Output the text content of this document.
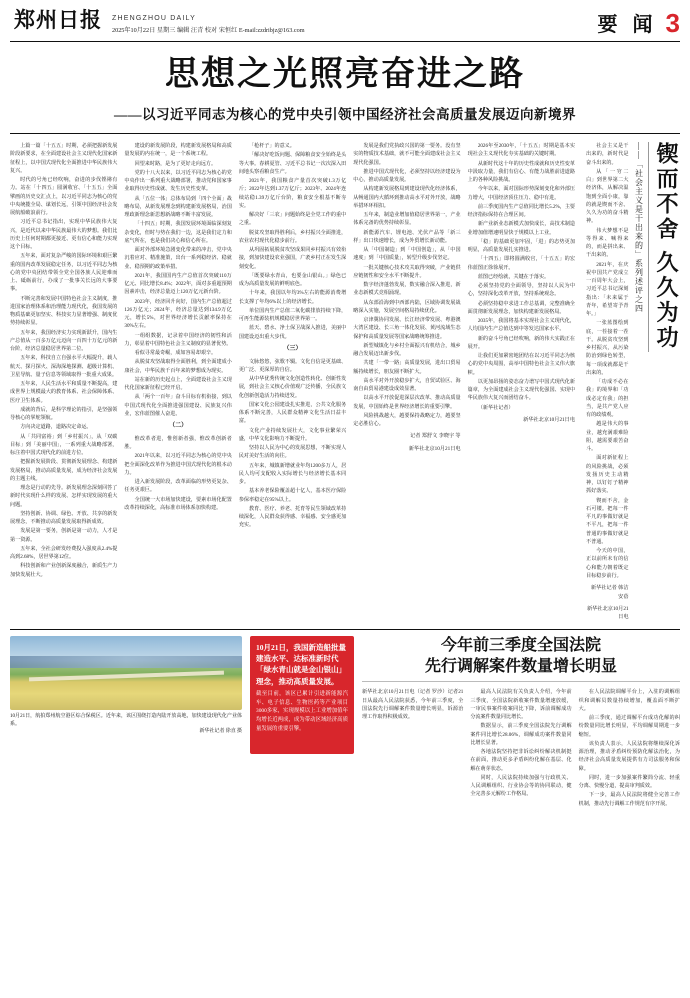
郑州日报	ZHENGZHOU DAILY
2025年10月22日 星期三 编辑 汪青 校对 宋恒红 E-mail:zzdribjz@163.com	要 闻 3
思想之光照亮奋进之路
——以习近平同志为核心的党中央引领中国经济社会高质量发展迈向新境界

上篇一篇「十五五」时期，必须把握新发展阶段新要求，在全面建设社会主义现代化国家新征程上，以中国式现代化全面推进中华民族伟大复兴。

时代的号角已经吹响，奋进的步伐铿锵有力。站在「十四五」圆满收官、「十五五」全面擘画的历史交汇点上，以习近平同志为核心的党中央统揽全局、谋划长远，引领中国经济社会发展航船破浪前行。

习近平总书记指出，实现中华民族伟大复兴，是近代以来中华民族最伟大的梦想。我们比历史上任何时期都更接近、更有信心和能力实现这个目标。

五年来，面对复杂严峻的国际环境和艰巨繁重的国内改革发展稳定任务，以习近平同志为核心的党中央团结带领全党全国各族人民迎难而上、砥砺前行，办成了一批事关长远的大事要事。

不断完善和发展中国特色社会主义制度，推进国家治理体系和治理能力现代化，我国发展的物质基础更加坚实、科技实力显著增强、制度优势持续彰显。

五年来，我国经济实力实现新跃升，国内生产总值从一百多万亿元迈向一百四十万亿元的新台阶，经济总量稳居世界第二位。

五年来，科技自立自强水平大幅提升，载人航天、探月探火、深海深地探测、超级计算机、卫星导航、量子信息等领域取得一批重大成果。

五年来，人民生活水平和质量不断提高，建成世界上规模最大的教育体系、社会保障体系、医疗卫生体系。

成就的背后，是科学理论的指引，是坚强领导核心的掌舵领航。

方向决定道路，道路决定命运。

从「共同富裕」到「乡村振兴」，从「双碳目标」到「美丽中国」，一系列重大战略部署，标注着中国式现代化的前进方位。

把握新发展阶段、贯彻新发展理念、构建新发展格局，推动高质量发展，成为经济社会发展的主题主线。

理念是行动的先导。新发展理念深刻回答了新时代实现什么样的发展、怎样实现发展的重大问题。

坚持创新、协调、绿色、开放、共享的新发展理念，不断推动高质量发展取得新成效。

发展是第一要务，创新是第一动力，人才是第一资源。

五年来，全社会研发经费投入强度从2.4%提高到2.68%，居世界第12位。

科技创新和产业创新深度融合，新质生产力加快发展壮大。

建设的新发展阶段，构建新发展格局和高质量发展的内在统一，是一个系统工程。

回望来时路，是为了更好走向远方。

党的十八大以来，以习近平同志为核心的党中央作出一系列重大战略部署，推动党和国家事业取得历史性成就、发生历史性变革。

从「五位一体」总体布局到「四个全面」战略布局，从新发展理念到构建新发展格局，治国理政新理念新思想新战略不断丰富发展。

「十四五」时期，我国发展环境面临深刻复杂变化，但时与势在我们一边，这是我们定力和底气所在，也是我们决心和信心所在。

面对外部环境急剧变化带来的冲击，党中央沉着应对、精准施策，出台一系列稳经济、稳就业、稳预期的政策举措。

2021年，我国国内生产总值首次突破110万亿元、同比增长8.4%；2022年，面对多重超预期因素冲击，经济总量迈上120万亿元新台阶。

2023年，经济回升向好，国内生产总值超过126万亿元；2024年，经济总量达到134.9万亿元，增长5%，对世界经济增长贡献率保持在30%左右。

一组组数据，记录着中国经济的韧性和活力，彰显着中国特色社会主义制度的显著优势。

看似寻常最奇崛，成如容易却艰辛。

从脱贫攻坚战取得全面胜利，到全面建成小康社会，中华民族千百年来的梦想成为现实。

站在新的历史起点上，全面建设社会主义现代化国家新征程已经开启。

从「两个一百年」奋斗目标有机衔接，到以中国式现代化全面推进强国建设、民族复兴伟业，宏伟蓝图催人奋进。

（二）

惟改革者进，惟创新者强，惟改革创新者胜。

2021年以来，以习近平同志为核心的党中央把全面深化改革作为推进中国式现代化的根本动力。

进入新发展阶段，改革面临的形势更复杂、任务更艰巨。

全国统一大市场加快建设，要素市场化配置改革持续深化，高标准市场体系加快构建。

「枪杆子」的意义。

「解决好吃饭问题、保障粮食安全始终是头等大事。春耕夏管、习近平总书记一次次深入田间地头察看粮食生产。

2021年，我国粮食产量首次突破1.3万亿斤；2022年达到1.37万亿斤；2023年、2024年连续站稳1.39万亿斤台阶，粮食安全根基不断夯实。

解决好「三农」问题始终是全党工作的重中之重。

脱贫攻坚取得胜利后，乡村振兴全面推进，农业农村现代化稳步前行。

从巩固拓展脱贫攻坚成果同乡村振兴有效衔接，到加快建设农业强国，广袤乡村正在发生深刻变化。

「既要绿水青山，也要金山银山。」绿色已成为高质量发展的鲜明底色。

十年来，我国以年均3%左右的能源消费增长支撑了年均6%以上的经济增长。

单位国内生产总值二氧化碳排放持续下降，可再生能源装机规模稳居世界第一。

蓝天、碧水、净土保卫战深入推进，美丽中国建设迈出重大步伐。

（三）

文脉悠悠，弦歌不辍。文化自信是更基础、更广泛、更深厚的自信。

从中华优秀传统文化创造性转化、创新性发展，到社会主义核心价值观广泛传播，全民族文化创新创造活力持续迸发。

国家文化公园建设扎实推进，公共文化服务体系不断完善，人民群众精神文化生活日益丰富。

文化产业持续发展壮大，文化事业繁荣兴盛，中华文化影响力不断提升。

坚持以人民为中心的发展思想，不断实现人民对美好生活的向往。

五年来，城镇新增就业年均1200多万人，居民人均可支配收入实际增长与经济增长基本同步。

基本养老保险覆盖超十亿人，基本医疗保险参保率稳定在95%以上。

教育、医疗、养老、托育等民生领域改革持续深化，人民群众获得感、幸福感、安全感更加充实。

发展是我们党执政兴国的第一要务。没有坚实的物质技术基础，就不可能全面建成社会主义现代化强国。

推进中国式现代化，必须坚持以经济建设为中心，推动高质量发展。

从构建新发展格局到建设现代化经济体系，从畅通国内大循环到推动高水平对外开放，战略举措环环相扣。

五年来，制造业增加值稳居世界第一，产业体系完备的优势持续彰显。

新能源汽车、锂电池、光伏产品等「新三样」出口快速增长，成为外贸增长新动能。

从「中国制造」到「中国创造」，从「中国速度」到「中国质量」，转型升级步伐坚定。

一批关键核心技术攻关取得突破，产业链供应链韧性和安全水平不断提升。

数字经济蓬勃发展，数实融合深入推进，新业态新模式竞相涌现。

从东部沿海到中西部内陆，区域协调发展战略深入实施，发展空间格局持续优化。

京津冀协同发展、长江经济带发展、粤港澳大湾区建设、长三角一体化发展、黄河流域生态保护和高质量发展等国家战略统筹推进。

新型城镇化与乡村全面振兴有机结合，城乡融合发展迈出新步伐。

共建「一带一路」高质量发展，进出口贸易额持续增长，朋友圈不断扩大。

高水平对外开放稳步扩大，自贸试验区、海南自由贸易港建设成效显著。

以高水平开放促进深层次改革、推动高质量发展，中国始终是世界经济增长的重要引擎。

风险挑战越大，越要保持战略定力，越要坚定必胜信心。

记者 郑舒文 李晓宇 等

新华社北京10月21日电

2026年至2030年，「十五五」时期是基本实现社会主义现代化夯实基础的关键时期。

从新时代这十年的历史性成就和历史性变革中汲取力量，我们有信心、有能力战胜前进道路上的各种风险挑战。

今年以来，面对国际形势深刻变化和外部压力增大，中国经济顶住压力、稳中有进。

前三季度国内生产总值同比增长5.2%，主要经济指标保持在合理区间。

新产业新业态新模式加快成长，高技术制造业增加值增速明显快于规模以上工业。

「稳」的基础更加牢固，「进」的态势更加明显，高质量发展扎实推进。

「十四五」即将圆满收官，「十五五」的宏伟蓝图正徐徐展开。

蓝图已经绘就，关键在于落实。

必须坚持党的全面领导，坚持以人民为中心，坚持深化改革开放，坚持系统观念。

必须坚持稳中求进工作总基调，完整准确全面贯彻新发展理念，加快构建新发展格局。

2035年，我国将基本实现社会主义现代化，人均国内生产总值达到中等发达国家水平。

新的奋斗号角已经吹响，新的伟大实践正在展开。

让我们更加紧密地团结在以习近平同志为核心的党中央周围，高举中国特色社会主义伟大旗帜。

以更加昂扬的姿态奋力谱写中国式现代化新篇章，为全面建成社会主义现代化强国、实现中华民族伟大复兴而团结奋斗。

（新华社记者）

新华社北京10月21日电

锲而不舍 久久为功
——「社会主义是干出来的」系列述评之四

社会主义是干出来的，新时代是奋斗出来的。

从「一穷二白」到世界第二大经济体，从解决温饱到全面小康，靠的就是锲而不舍、久久为功的奋斗精神。

伟大梦想不是等得来、喊得来的，而是拼出来、干出来的。

2021年，在庆祝中国共产党成立一百周年大会上，习近平总书记深刻指出：「未来属于青年，希望寄予青年。」

一张蓝图绘到底，一茬接着一茬干。从脱贫攻坚到乡村振兴，从污染防治到绿色转型，每一项成就都是干出来的。

「功成不必在我」的境界和「功成必定有我」的担当，是共产党人应有的政绩观。

越是伟大的事业，越充满艰难险阻，越需要艰苦奋斗。

面对新征程上的风险挑战，必须发扬历史主动精神，以钉钉子精神抓好落实。

锲而不舍，金石可镂。把每一件平凡的事做好就是不平凡，把每一件普通的事做好就是不普通。

今天的中国，正以前所未有的信心和能力朝着既定目标稳步前行。

新华社记者 韩洁 安蓓

新华社北京10月21日电

10月21日，航拍郑州航空港区综合保税区。近年来，该区围绕打造内陆开放高地，加快建设现代化产业体系。
新华社记者 徐直 摄
10月21日，我国新造船批量建造水平、达标准新时代「绿水青山就是金山银山」理念，推动高质量发展。
截至目前，该区已累计引进新能源汽车、电子信息、生物医药等产业项目3000多家，实现规模以上工业增加值年均增长近两成，成为带动区域经济高质量发展的重要引擎。
今年前三季度全国法院
先行调解案件数量增长明显

新华社北京10月21日电（记者 罗沙）记者21日从最高人民法院获悉，今年前三季度，全国法院先行调解案件数量增长明显，诉源治理工作取得积极成效。

最高人民法院有关负责人介绍，今年前三季度，全国法院新收案件数量增速放缓，一审民事案件收案同比下降，诉前调解成功分流案件数量同比增长。

数据显示，前三季度全国法院先行调解案件同比增长28.06%，调解成功案件数量同比增长显著。

各地法院坚持把非诉讼纠纷解决机制挺在前面，推动更多矛盾纠纷化解在基层、化解在萌芽状态。

同时，人民法院持续加强与行政机关、人民调解组织、行业协会等的协同联动，健全完善多元解纷工作格局。

在人民法院调解平台上，入驻的调解组织和调解员数量持续增加，覆盖面不断扩大。

前三季度，通过调解平台成功化解的纠纷数量同比增长明显，平均调解周期进一步缩短。

该负责人表示，人民法院将继续深化诉源治理，推动矛盾纠纷预防化解法治化，为经济社会高质量发展提供有力司法服务和保障。

同时，进一步加强案件繁简分流、轻重分离、快慢分道，提高审判质效。

下一步，最高人民法院将健全完善工作机制，推动先行调解工作规范有序开展。
